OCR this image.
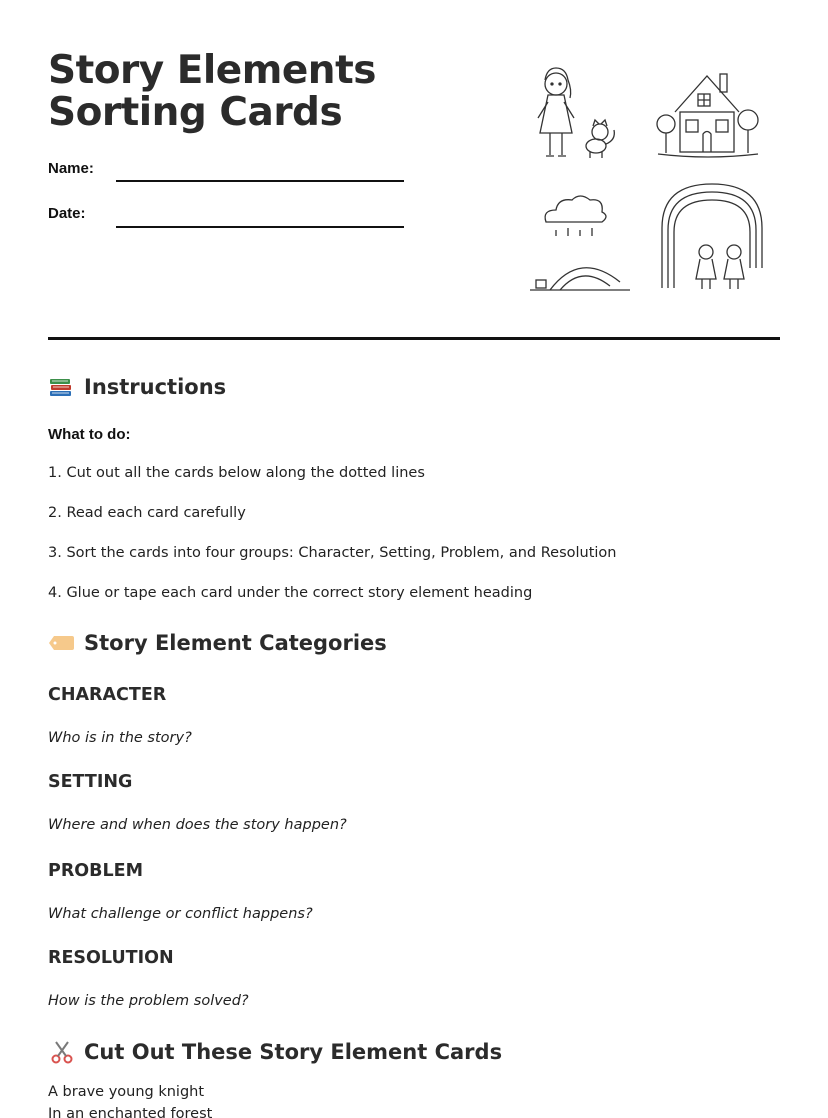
Story Elements Sorting Cards
Name:
Date:
Instructions
What to do:
1. Cut out all the cards below along the dotted lines
2. Read each card carefully
3. Sort the cards into four groups: Character, Setting, Problem, and Resolution
4. Glue or tape each card under the correct story element heading
Story Element Categories
CHARACTER
Who is in the story?
SETTING
Where and when does the story happen?
PROBLEM
What challenge or conflict happens?
RESOLUTION
How is the problem solved?
Cut Out These Story Element Cards
A brave young knight
In an enchanted forest
